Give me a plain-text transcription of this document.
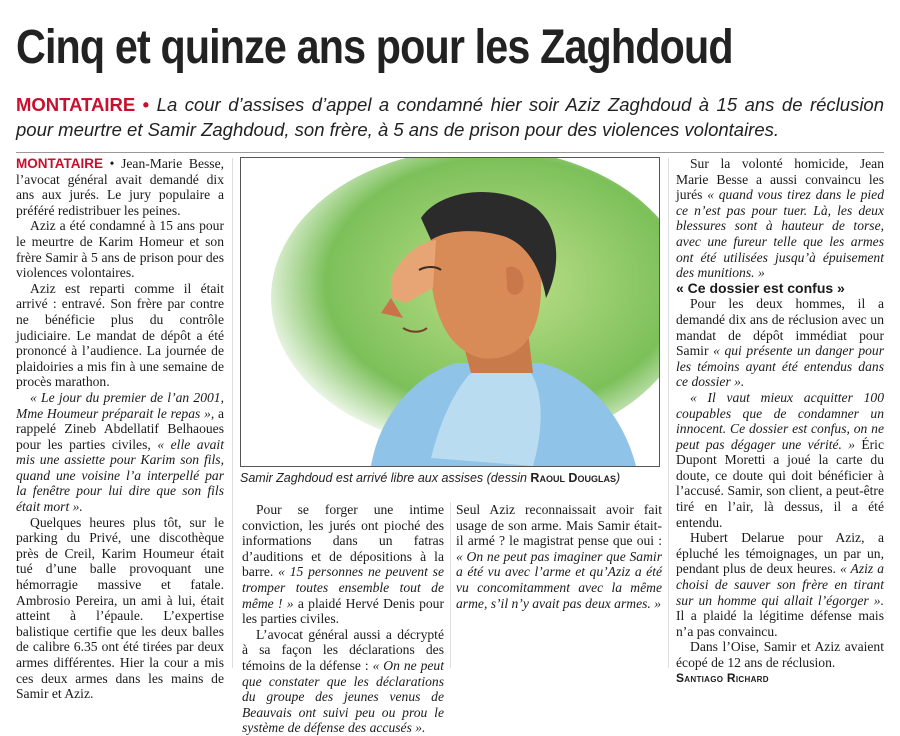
Cinq et quinze ans pour les Zaghdoud
MONTATAIRE • La cour d’assises d’appel a condamné hier soir Aziz Zaghdoud à 15 ans de réclusion pour meurtre et Samir Zaghdoud, son frère, à 5 ans de prison pour des violences volontaires.

MONTATAIRE • Jean-Marie Besse, l’avocat général avait demandé dix ans aux jurés. Le jury populaire a préféré redistribuer les peines.

Aziz a été condamné à 15 ans pour le meurtre de Karim Homeur et son frère Samir à 5 ans de prison pour des violences volontaires.

Aziz est reparti comme il était arrivé : entravé. Son frère par contre ne bénéficie plus du contrôle judiciaire. Le mandat de dépôt a été prononcé à l’audience. La journée de plaidoiries a mis fin à une semaine de procès marathon.

« Le jour du premier de l’an 2001, Mme Houmeur préparait le repas », a rappelé Zineb Abdellatif Belhaoues pour les parties civiles, « elle avait mis une assiette pour Karim son fils, quand une voisine l’a interpellé par la fenêtre pour lui dire que son fils était mort ».

Quelques heures plus tôt, sur le parking du Privé, une discothèque près de Creil, Karim Houmeur était tué d’une balle provoquant une hémorragie massive et fatale. Ambrosio Pereira, un ami à lui, était atteint à l’épaule. L’expertise balistique certifie que les deux balles de calibre 6.35 ont été tirées par deux armes différentes. Hier la cour a mis ces deux armes dans les mains de Samir et Aziz.

Samir Zaghdoud est arrivé libre aux assises (dessin Raoul Douglas)

Pour se forger une intime conviction, les jurés ont pioché des informations dans un fatras d’auditions et de dépositions à la barre. « 15 personnes ne peuvent se tromper toutes ensemble tout de même ! » a plaidé Hervé Denis pour les parties civiles.

L’avocat général aussi a décrypté à sa façon les déclarations des témoins de la défense : « On ne peut que constater que les déclarations du groupe des jeunes venus de Beauvais ont suivi peu ou prou le système de défense des accusés ».

Seul Aziz reconnaissait avoir fait usage de son arme. Mais Samir était-il armé ? le magistrat pense que oui : « On ne peut pas imaginer que Samir a été vu avec l’arme et qu’Aziz a été vu concomitamment avec la même arme, s’il n’y avait pas deux armes. »

Sur la volonté homicide, Jean Marie Besse a aussi convaincu les jurés « quand vous tirez dans le pied ce n’est pas pour tuer. Là, les deux blessures sont à hauteur de torse, avec une fureur telle que les armes ont été utilisées jusqu’à épuisement des munitions. »

« Ce dossier est confus »

Pour les deux hommes, il a demandé dix ans de réclusion avec un mandat de dépôt immédiat pour Samir « qui présente un danger pour les témoins ayant été entendus dans ce dossier ».

« Il vaut mieux acquitter 100 coupables que de condamner un innocent. Ce dossier est confus, on ne peut pas dégager une vérité. » Éric Dupont Moretti a joué la carte du doute, ce doute qui doit bénéficier à l’accusé. Samir, son client, a peut-être tiré en l’air, là dessus, il a été entendu.

Hubert Delarue pour Aziz, a épluché les témoignages, un par un, pendant plus de deux heures. « Aziz a choisi de sauver son frère en tirant sur un homme qui allait l’égorger ». Il a plaidé la légitime défense mais n’a pas convaincu.

Dans l’Oise, Samir et Aziz avaient écopé de 12 ans de réclusion.

Santiago Richard
